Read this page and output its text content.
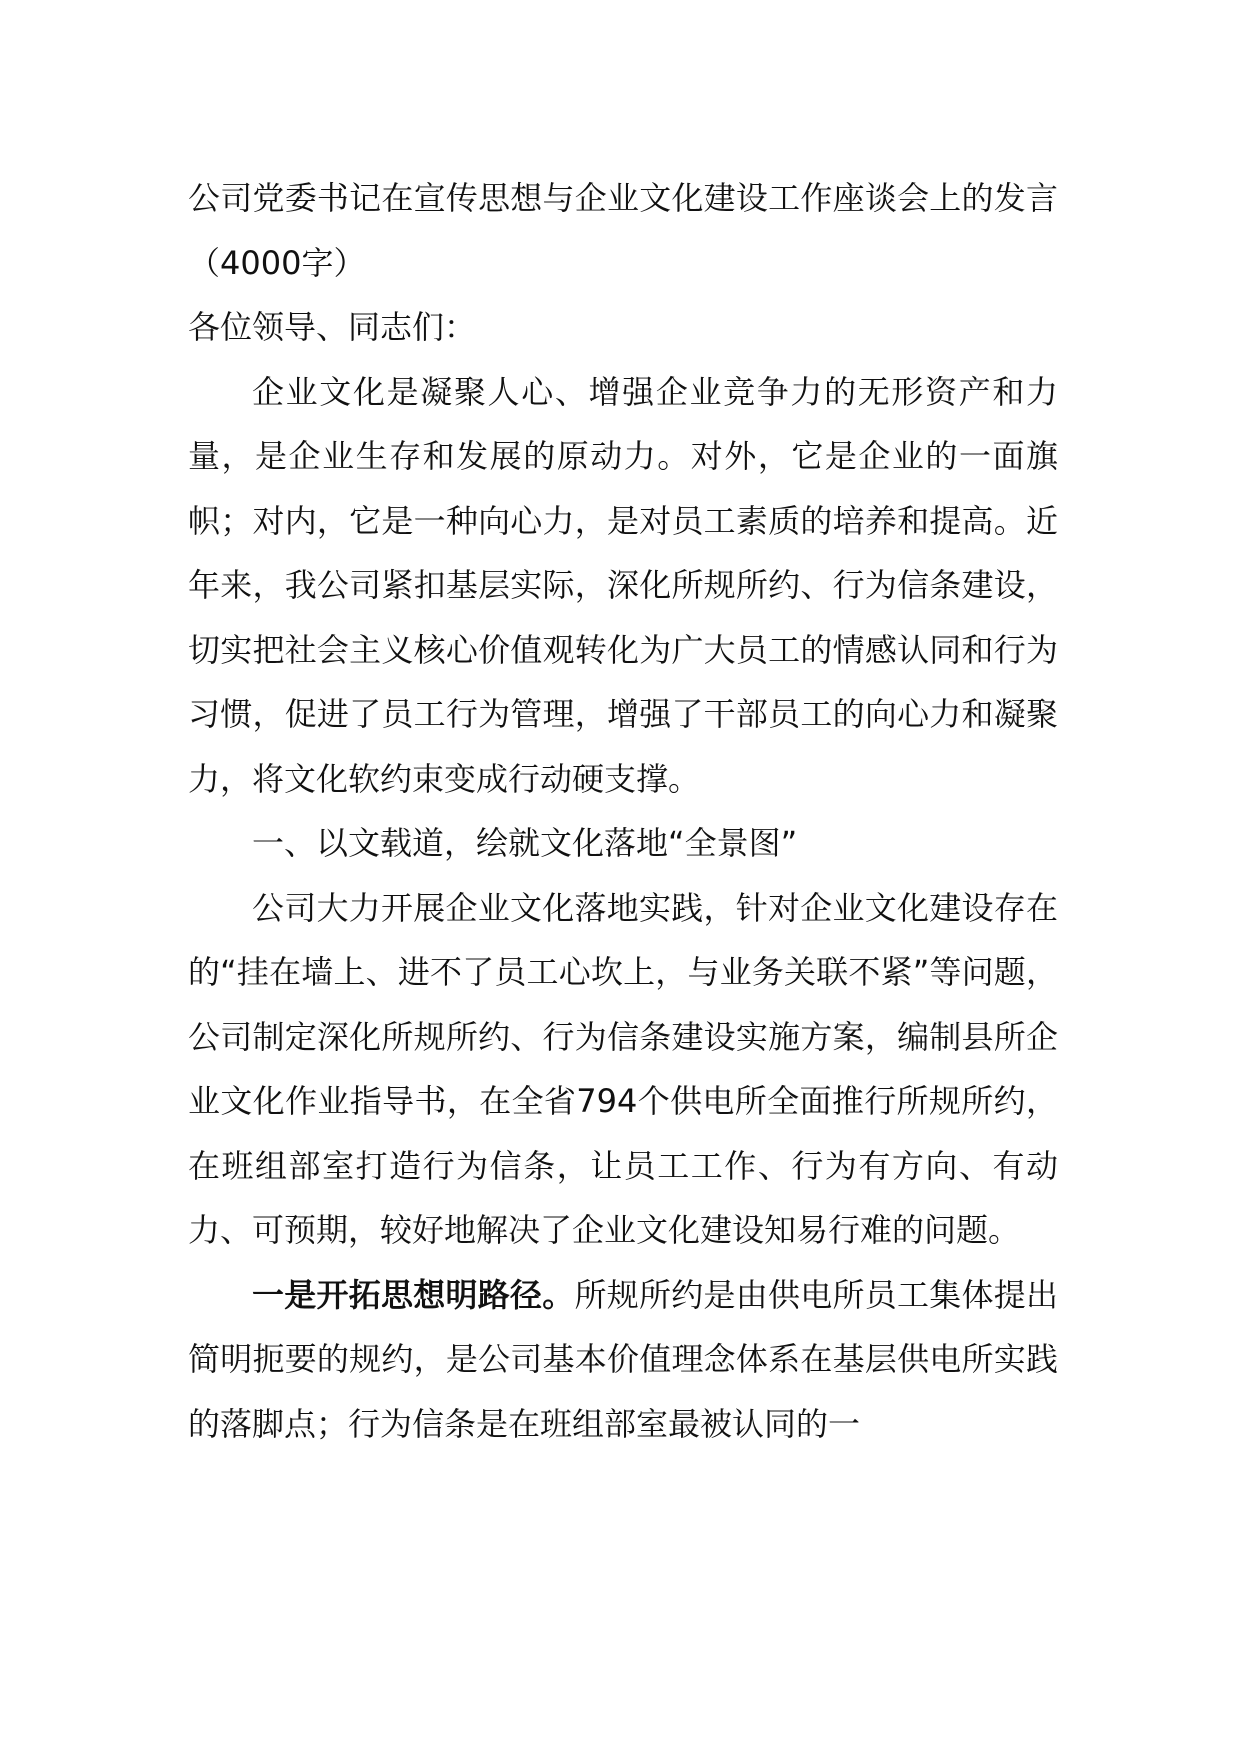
公司党委书记在宣传思想与企业文化建设工作座谈会上的发言（4000字）

各位领导、同志们：

企业文化是凝聚人心、增强企业竞争力的无形资产和力量，是企业生存和发展的原动力。对外，它是企业的一面旗帜；对内，它是一种向心力，是对员工素质的培养和提高。近年来，我公司紧扣基层实际，深化所规所约、行为信条建设，切实把社会主义核心价值观转化为广大员工的情感认同和行为习惯，促进了员工行为管理，增强了干部员工的向心力和凝聚力，将文化软约束变成行动硬支撑。

一、以文载道，绘就文化落地“全景图”

公司大力开展企业文化落地实践，针对企业文化建设存在的“挂在墙上、进不了员工心坎上，与业务关联不紧”等问题，公司制定深化所规所约、行为信条建设实施方案，编制县所企业文化作业指导书，在全省794个供电所全面推行所规所约，在班组部室打造行为信条，让员工工作、行为有方向、有动力、可预期，较好地解决了企业文化建设知易行难的问题。

一是开拓思想明路径。所规所约是由供电所员工集体提出简明扼要的规约，是公司基本价值理念体系在基层供电所实践的落脚点；行为信条是在班组部室最被认同的一
